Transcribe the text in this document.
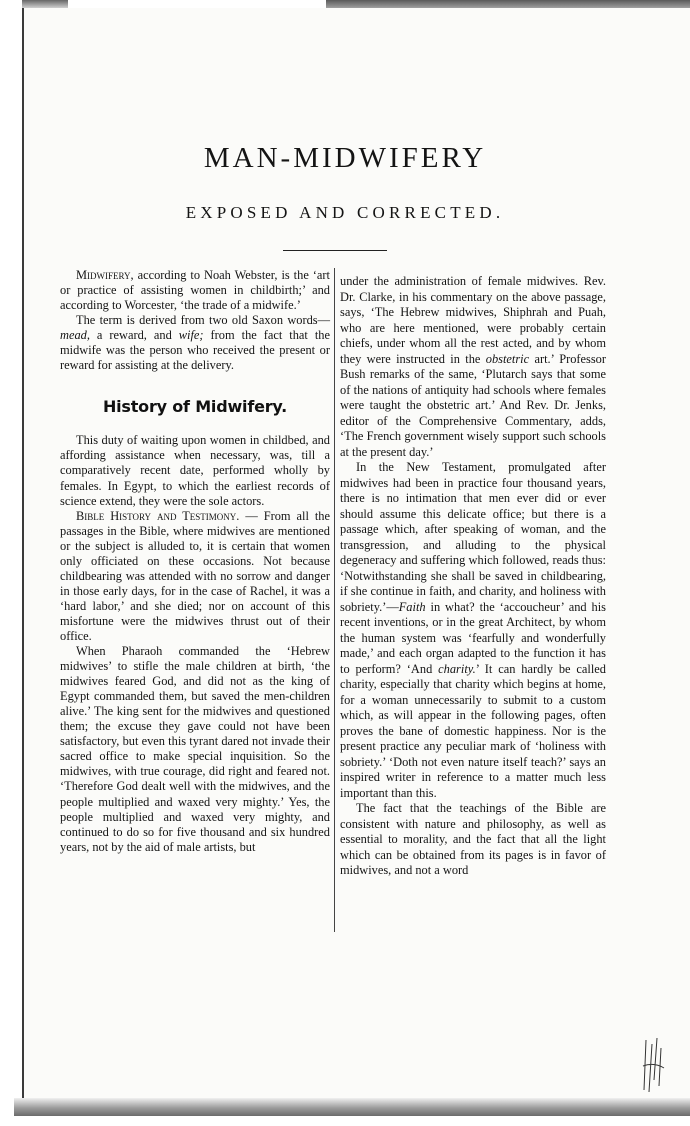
MAN-MIDWIFERY
EXPOSED AND CORRECTED.

Midwifery, according to Noah Webster, is the ‘art or practice of assisting women in childbirth;’ and according to Worcester, ‘the trade of a midwife.’

The term is derived from two old Saxon words—mead, a reward, and wife; from the fact that the midwife was the person who received the present or reward for assisting at the delivery.

History of Midwifery.

This duty of waiting upon women in childbed, and affording assistance when necessary, was, till a comparatively recent date, performed wholly by females. In Egypt, to which the earliest records of science extend, they were the sole actors.

Bible History and Testimony. — From all the passages in the Bible, where midwives are mentioned or the subject is alluded to, it is certain that women only officiated on these occasions. Not because childbearing was attended with no sorrow and danger in those early days, for in the case of Rachel, it was a ‘hard labor,’ and she died; nor on account of this misfortune were the midwives thrust out of their office.

When Pharaoh commanded the ‘Hebrew midwives’ to stifle the male children at birth, ‘the midwives feared God, and did not as the king of Egypt commanded them, but saved the men-children alive.’ The king sent for the midwives and questioned them; the excuse they gave could not have been satisfactory, but even this tyrant dared not invade their sacred office to make special inquisition. So the midwives, with true courage, did right and feared not. ‘Therefore God dealt well with the midwives, and the people multiplied and waxed very mighty.’ Yes, the people multiplied and waxed very mighty, and continued to do so for five thousand and six hundred years, not by the aid of male artists, but

under the administration of female midwives. Rev. Dr. Clarke, in his commentary on the above passage, says, ‘The Hebrew midwives, Shiphrah and Puah, who are here mentioned, were probably certain chiefs, under whom all the rest acted, and by whom they were instructed in the obstetric art.’ Professor Bush remarks of the same, ‘Plutarch says that some of the nations of antiquity had schools where females were taught the obstetric art.’ And Rev. Dr. Jenks, editor of the Comprehensive Commentary, adds, ‘The French government wisely support such schools at the present day.’

In the New Testament, promulgated after midwives had been in practice four thousand years, there is no intimation that men ever did or ever should assume this delicate office; but there is a passage which, after speaking of woman, and the transgression, and alluding to the physical degeneracy and suffering which followed, reads thus: ‘Notwithstanding she shall be saved in childbearing, if she continue in faith, and charity, and holiness with sobriety.’—Faith in what? the ‘accoucheur’ and his recent inventions, or in the great Architect, by whom the human system was ‘fearfully and wonderfully made,’ and each organ adapted to the function it has to perform? ‘And charity.’ It can hardly be called charity, especially that charity which begins at home, for a woman unnecessarily to submit to a custom which, as will appear in the following pages, often proves the bane of domestic happiness. Nor is the present practice any peculiar mark of ‘holiness with sobriety.’ ‘Doth not even nature itself teach?’ says an inspired writer in reference to a matter much less important than this.

The fact that the teachings of the Bible are consistent with nature and philosophy, as well as essential to morality, and the fact that all the light which can be obtained from its pages is in favor of midwives, and not a word
